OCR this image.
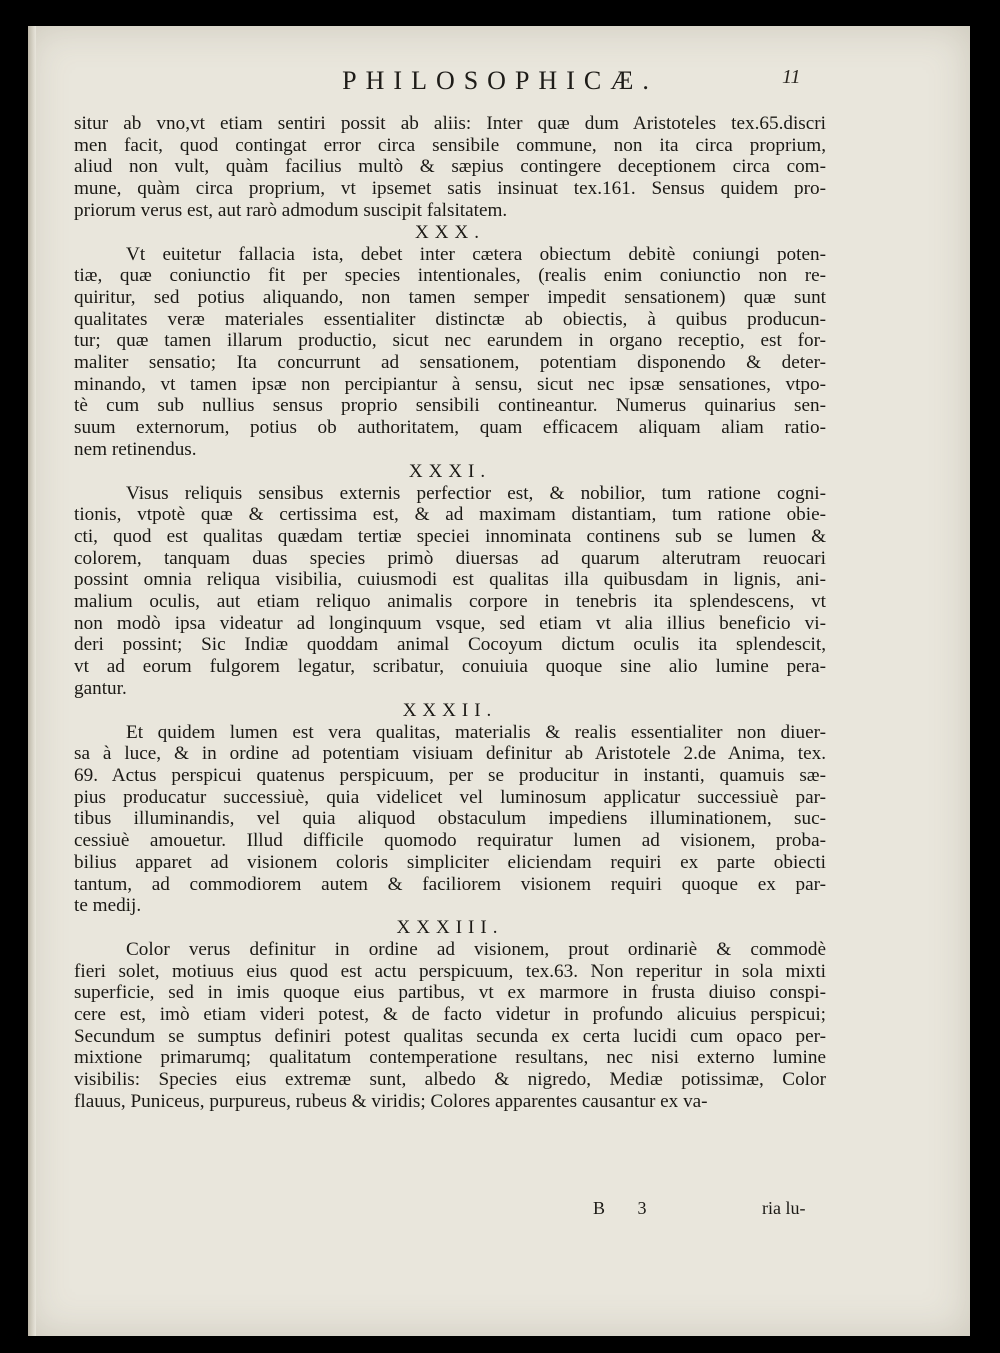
PHILOSOPHICÆ.	11
situr ab vno,vt etiam sentiri possit ab aliis: Inter quæ dum Aristoteles tex.65.discri
men facit, quod contingat error circa sensibile commune, non ita circa proprium,
aliud non vult, quàm facilius multò & sæpius contingere deceptionem circa com-
mune, quàm circa proprium, vt ipsemet satis insinuat tex.161. Sensus quidem pro-
priorum verus est, aut rarò admodum suscipit falsitatem.
XXX.
Vt euitetur fallacia ista, debet inter cætera obiectum debitè coniungi poten-
tiæ, quæ coniunctio fit per species intentionales, (realis enim coniunctio non re-
quiritur, sed potius aliquando, non tamen semper impedit sensationem) quæ sunt
qualitates veræ materiales essentialiter distinctæ ab obiectis, à quibus producun-
tur; quæ tamen illarum productio, sicut nec earundem in organo receptio, est for-
maliter sensatio; Ita concurrunt ad sensationem, potentiam disponendo & deter-
minando, vt tamen ipsæ non percipiantur à sensu, sicut nec ipsæ sensationes, vtpo-
tè cum sub nullius sensus proprio sensibili contineantur. Numerus quinarius sen-
suum externorum, potius ob authoritatem, quam efficacem aliquam aliam ratio-
nem retinendus.
XXXI.
Visus reliquis sensibus externis perfectior est, & nobilior, tum ratione cogni-
tionis, vtpotè quæ & certissima est, & ad maximam distantiam, tum ratione obie-
cti, quod est qualitas quædam tertiæ speciei innominata continens sub se lumen &
colorem, tanquam duas species primò diuersas ad quarum alterutram reuocari
possint omnia reliqua visibilia, cuiusmodi est qualitas illa quibusdam in lignis, ani-
malium oculis, aut etiam reliquo animalis corpore in tenebris ita splendescens, vt
non modò ipsa videatur ad longinquum vsque, sed etiam vt alia illius beneficio vi-
deri possint; Sic Indiæ quoddam animal Cocoyum dictum oculis ita splendescit,
vt ad eorum fulgorem legatur, scribatur, conuiuia quoque sine alio lumine pera-
gantur.
XXXII.
Et quidem lumen est vera qualitas, materialis & realis essentialiter non diuer-
sa à luce, & in ordine ad potentiam visiuam definitur ab Aristotele 2.de Anima, tex.
69. Actus perspicui quatenus perspicuum, per se producitur in instanti, quamuis sæ-
pius producatur successiuè, quia videlicet vel luminosum applicatur successiuè par-
tibus illuminandis, vel quia aliquod obstaculum impediens illuminationem, suc-
cessiuè amouetur. Illud difficile quomodo requiratur lumen ad visionem, proba-
bilius apparet ad visionem coloris simpliciter eliciendam requiri ex parte obiecti
tantum, ad commodiorem autem & faciliorem visionem requiri quoque ex par-
te medij.
XXXIII.
Color verus definitur in ordine ad visionem, prout ordinariè & commodè
fieri solet, motiuus eius quod est actu perspicuum, tex.63. Non reperitur in sola mixti
superficie, sed in imis quoque eius partibus, vt ex marmore in frusta diuiso conspi-
cere est, imò etiam videri potest, & de facto videtur in profundo alicuius perspicui;
Secundum se sumptus definiri potest qualitas secunda ex certa lucidi cum opaco per-
mixtione primarumq; qualitatum contemperatione resultans, nec nisi externo lumine
visibilis: Species eius extremæ sunt, albedo & nigredo, Mediæ potissimæ, Color
flauus, Puniceus, purpureus, rubeus & viridis; Colores apparentes causantur ex va-
B 3	ria lu-
